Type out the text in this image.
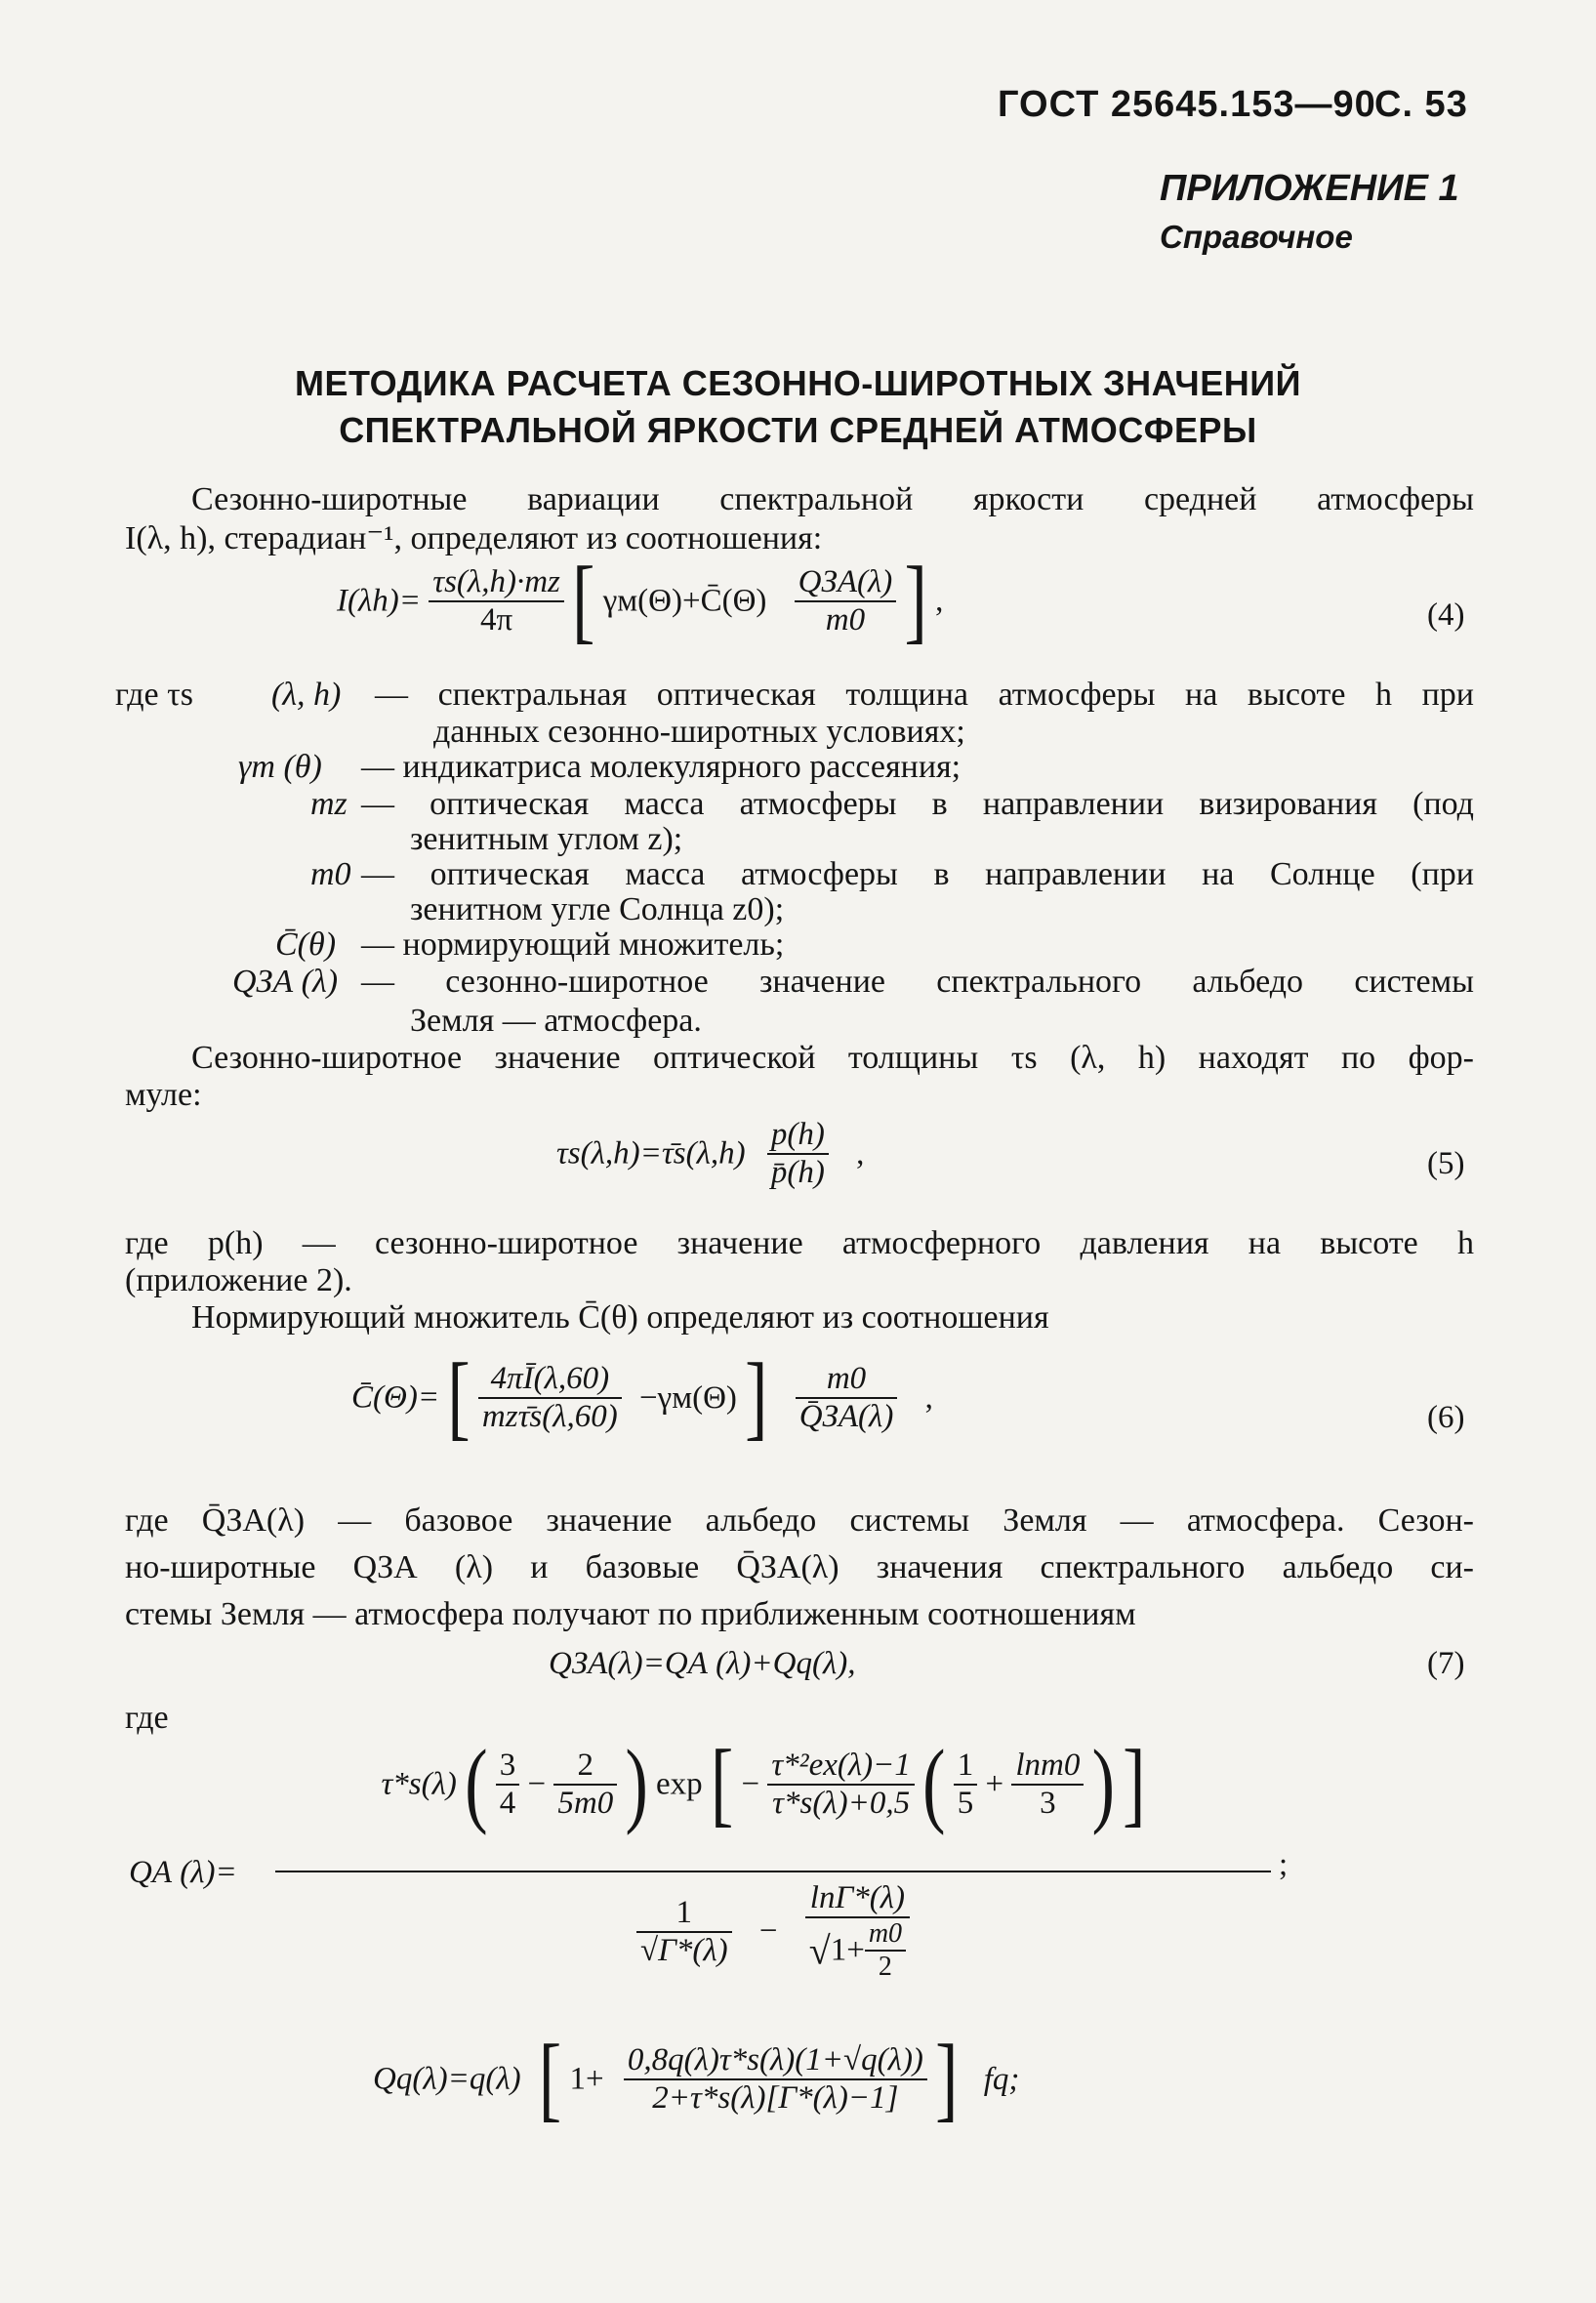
ГОСТ 25645.153—90
С. 53
ПРИЛОЖЕНИЕ 1
Справочное
МЕТОДИКА РАСЧЕТА СЕЗОННО-ШИРОТНЫХ ЗНАЧЕНИЙ
СПЕКТРАЛЬНОЙ ЯРКОСТИ СРЕДНЕЙ АТМОСФЕРЫ
Сезонно-широтные вариации спектральной яркости средней атмосферы
I(λ, h), стерадиан⁻¹, определяют из соотношения:
$I(\lambda h)= \frac{\tau s(\lambda,h)\cdot mz}{4\pi}$ [ γм(Θ)+C̄(Θ) $\frac{\text{QЗА(λ)}}{m0}$ ] ,	(4)
где τs (λ, h) — спектральная оптическая толщина атмосферы на высоте h при
данных сезонно-широтных условиях;
γm (θ) — индикатриса молекулярного рассеяния;
mz — оптическая масса атмосферы в направлении визирования (под
зенитным углом z);
m0 — оптическая масса атмосферы в направлении на Солнце (при
зенитном угле Солнца z0);
C̄(θ) — нормирующий множитель;
QЗА (λ) — сезонно-широтное значение спектрального альбедо системы
Земля — атмосфера.
Сезонно-широтное значение оптической толщины τs (λ, h) находят по фор-
муле:
τs(λ,h)=τ̄s(λ,h) $\frac{p(h)}{p̄(h)}$ ,	(5)
где p(h) — сезонно-широтное значение атмосферного давления на высоте h
(приложение 2).
Нормирующий множитель C̄(θ) определяют из соотношения
C̄(Θ)= [ $\frac{4\pi Ī(\lambda,60)}{\text{mzτ̄s(λ,60)}} -\gamma м(\Theta)$ ] $\frac{m0}{Q̄ЗА(\lambda)}$ ,
(6)
где Q̄ЗА(λ) — базовое значение альбедо системы Земля — атмосфера. Сезон-
но-широтные QЗА (λ) и базовые Q̄ЗА(λ) значения спектрального альбедо си-
стемы Земля — атмосфера получают по приближенным соотношениям
QЗА(λ)=QА (λ)+Qq(λ),	(7)
где
QА (λ)=
τ*s(λ) ( $\frac{3}{4} - \frac{2}{5m0}$ ) exp [ − $\frac{\text{τ*²ex(λ)−1}}{\tau*s(\lambda)+0,5}$ ( $\frac{1}{5} + \frac{\ln m0}{3}$ ) ]
;
$\frac{1}{√\Gamma*(\lambda)} - \frac{\ln\Gamma*(\lambda)}{√1+ \frac{m0}{2}}$
Qq(λ)=q(λ) [ $1+ \frac{0,8q(\lambda)\tau*s(\lambda)(1+√q(\lambda))}{2+\tau*s(\lambda)[\Gamma*(\lambda)-1]}$ ] fq;
